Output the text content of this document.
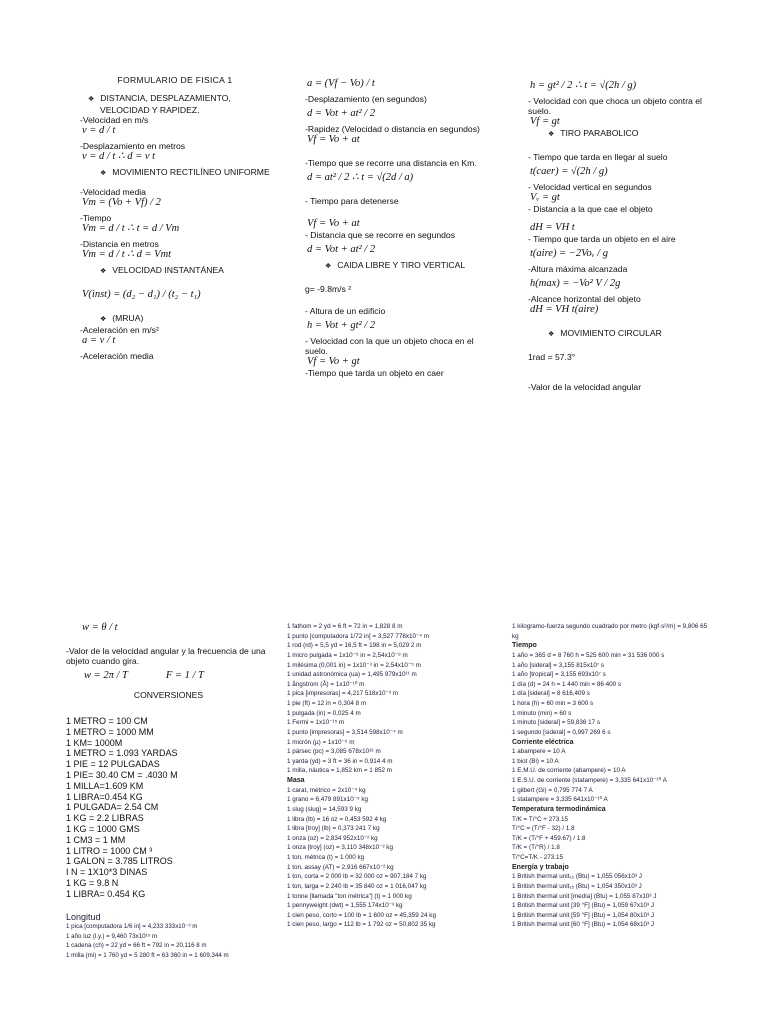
FORMULARIO DE FISICA 1
❖ DISTANCIA, DESPLAZAMIENTO, VELOCIDAD Y RAPIDEZ.
-Velocidad en m/s
v = d / t
-Desplazamiento en metros
v = d / t ∴ d = v t
❖ MOVIMIENTO RECTILÍNEO UNIFORME
-Velocidad media
Vm = (Vo + Vf) / 2
-Tiempo
Vm = d / t ∴ t = d / Vm
-Distancia en metros
Vm = d / t ∴ d = Vmt
❖ VELOCIDAD INSTANTÁNEA
V(inst) = (d₂ − d₁) / (t₂ − t₁)
❖ (MRUA)
-Aceleración en m/s²
a = v / t
-Aceleración media
a = (Vf − Vo) / t
-Desplazamiento (en segundos)
d = Vot + at² / 2
-Rapidez (Velocidad o distancia en segundos)
Vf = Vo + at
-Tiempo que se recorre una distancia en Km.
d = at² / 2 ∴ t = √(2d / a)
- Tiempo para detenerse
Vf = Vo + at
- Distancia que se recorre en segundos
d = Vot + at² / 2
❖ CAIDA LIBRE Y TIRO VERTICAL
g= -9.8m/s ²
- Altura de un edificio
h = Vot + gt² / 2
- Velocidad con la que un objeto choca en el suelo.
Vf = Vo + gt
-Tiempo que tarda un objeto en caer
h = gt² / 2 ∴ t = √(2h / g)
- Velocidad con que choca un objeto contra el suelo.
Vf = gt
❖ TIRO PARABOLICO
- Tiempo que tarda en llegar al suelo
t(caer) = √(2h / g)
- Velocidad vertical en segundos
Vᵥ = gt
- Distancia a la que cae el objeto
dH = VH t
- Tiempo que tarda un objeto en el aire
t(aire) = −2Voᵥ / g
-Altura máxima alcanzada
h(max) = −Vo² V / 2g
-Alcance horizontal del objeto
dH = VH t(aire)
❖ MOVIMIENTO CIRCULAR
1rad = 57.3°
-Valor de la velocidad angular
w = θ / t
-Valor de la velocidad angular y la frecuencia de una objeto cuando gira.
w = 2π / T	F = 1 / T
CONVERSIONES
1 METRO = 100 CM
1 METRO = 1000 MM
1 KM= 1000M
1 METRO = 1.093 YARDAS
1 PIE = 12 PULGADAS
1 PIE= 30.40 CM = .4030 M
1 MILLA=1.609 KM
1 LIBRA=0.454 KG
1 PULGADA= 2.54 CM
1 KG = 2.2 LIBRAS
1 KG = 1000 GMS
1 CM3 = 1 MM
1 LITRO = 1000 CM ³
1 GALON = 3.785 LITROS
I N = 1X10*3 DINAS
1 KG = 9.8 N
1 LIBRA= 0.454 KG
Longitud
1 pica [computadora 1/6 in] = 4,233 333x10⁻³ m
1 año luz (l.y.) = 9,460 73x10¹⁵ m
1 cadena (ch) = 22 yd = 66 ft = 792 in = 20,116 8 m
1 milla (mi) = 1 760 yd = 5 280 ft = 63 360 in = 1 609,344 m
1 fathom = 2 yd = 6 ft = 72 in = 1,828 8 m
1 punto [computadora 1/72 in] = 3,527 778x10⁻⁴ m
1 rod (rd) = 5,5 yd = 16,5 ft = 198 in = 5,029 2 m
1 micro pulgada = 1x10⁻⁶ in = 2,54x10⁻⁸ m
1 milésima (0,001 in) = 1x10⁻³ in = 2,54x10⁻⁵ m
1 unidad astronómica (ua) = 1,495 979x10¹¹ m
1 ångstrom (Å) = 1x10⁻¹⁰ m
1 pica [impresoras] = 4,217 518x10⁻³ m
1 pie (ft) = 12 in = 0,304 8 m
1 pulgada (in) = 0,025 4 m
1 Fermi = 1x10⁻¹⁵ m
1 punto [impresoras] = 3,514 598x10⁻⁴ m
1 micrón (µ) = 1x10⁻⁶ m
1 pársec (pc) = 3,085 678x10¹⁶ m
1 yarda (yd) = 3 ft = 36 in = 0,914 4 m
1 milla, náutica = 1,852 km = 1 852 m
Masa
1 carat, métrico = 2x10⁻⁴ kg
1 grano = 6,479 891x10⁻⁵ kg
1 slug (slug) = 14,593 9 kg
1 libra (lb) = 16 oz = 0,453 592 4 kg
1 libra [troy] (lb) = 0,373 241 7 kg
1 onza (oz) = 2,834 952x10⁻² kg
1 onza [troy] (oz) = 3,110 348x10⁻² kg
1 ton, métrica (t) = 1 000 kg
1 ton, assay (AT) = 2,916 667x10⁻² kg
1 ton, corta = 2 000 lb = 32 000 oz = 907,184 7 kg
1 ton, larga = 2 240 lb = 35 840 oz = 1 016,047 kg
1 tonne [llamada "ton métrica"] (t) = 1 000 kg
1 pennyweight (dwt) = 1,555 174x10⁻³ kg
1 cien peso, corto = 100 lb = 1 600 oz = 45,359 24 kg
1 cien peso, largo = 112 lb = 1 792 oz = 50,802 35 kg
1 kilogramo-fuerza segundo cuadrado por metro (kgf·s²/m) = 9,806 65 kg
Tiempo
1 año = 365 d = 8 760 h = 525 600 min = 31 536 000 s
1 año [sideral] = 3,155 815x10⁷ s
1 año [tropical] = 3,155 693x10⁷ s
1 día (d) = 24 h = 1 440 min = 86 400 s
1 día [sideral] = 8 616,409 s
1 hora (h) = 60 min = 3 600 s
1 minuto (min) = 60 s
1 minuto [sideral] = 59,836 17 s
1 segundo [sideral] = 0,997 269 6 s
Corriente eléctrica
1 abampere = 10 A
1 biot (Bi) = 10 A
1 E.M.U. de corriente (abampere) = 10 A
1 E.S.U. de corriente (statampere) = 3,335 641x10⁻¹⁰ A
1 gilbert (Gi) = 0,795 774 7 A
1 statampere = 3,335 641x10⁻¹⁰ A
Temperatura termodinámica
T/K = T/°C + 273.15
T/°C = (T/°F - 32) / 1.8
T/K = (T/°F + 459.67) / 1.8
T/K = (T/°R) / 1.8
T/°C=T/K - 273.15
Energía y trabajo
1 British thermal unit₁₀ (Btu) = 1,055 056x10³ J
1 British thermal unit₁₅ (Btu) = 1,054 350x10³ J
1 British thermal unit [medía] (Btu) = 1,055 87x10³ J
1 British thermal unit [39 °F] (Btu) = 1,059 67x10³ J
1 British thermal unit [59 °F] (Btu) = 1,054 80x10³ J
1 British thermal unit [60 °F] (Btu) = 1,054 68x10³ J
